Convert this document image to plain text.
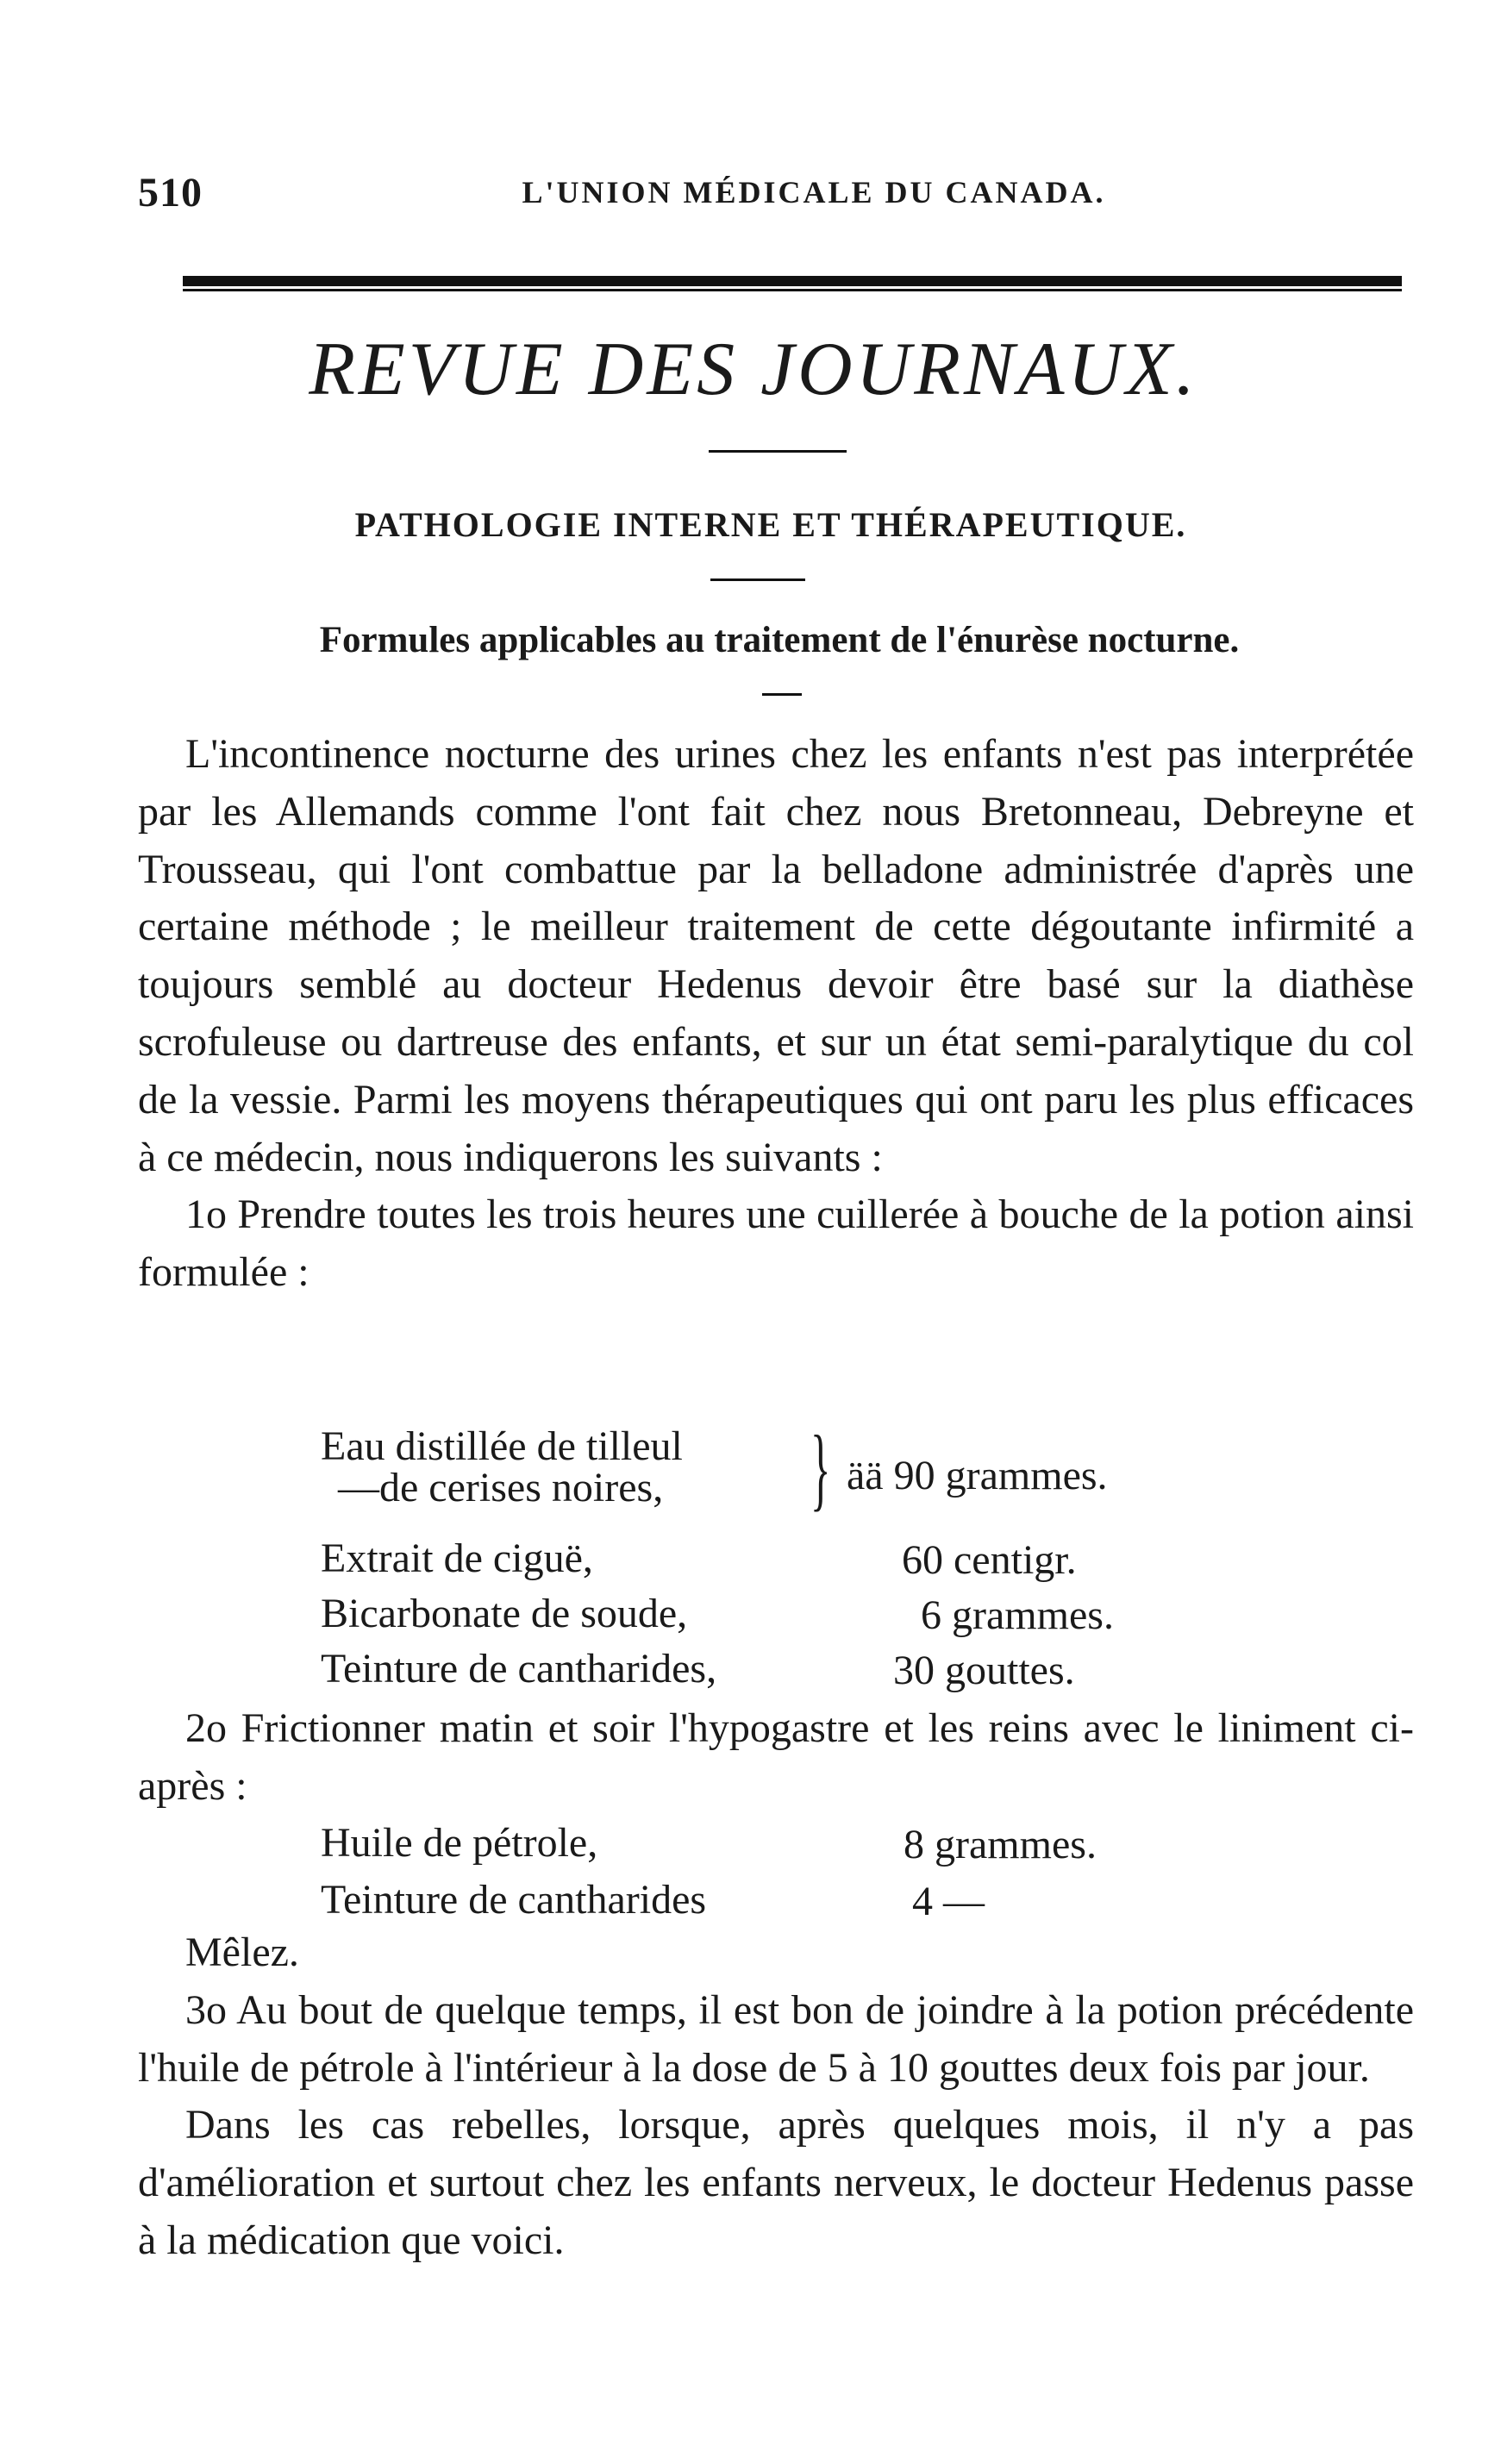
510	L'UNION MÉDICALE DU CANADA.
REVUE DES JOURNAUX.
PATHOLOGIE INTERNE ET THÉRAPEUTIQUE.
Formules applicables au traitement de l'énurèse nocturne.

L'incontinence nocturne des urines chez les enfants n'est pas interprétée par les Allemands comme l'ont fait chez nous Bretonneau, Debreyne et Trousseau, qui l'ont combattue par la belladone administrée d'après une certaine méthode ; le meilleur traitement de cette dégoutante infirmité a toujours semblé au docteur Hedenus devoir être basé sur la diathèse scrofuleuse ou dartreuse des enfants, et sur un état semi-paralytique du col de la vessie. Parmi les moyens thérapeutiques qui ont paru les plus efficaces à ce médecin, nous indiquerons les suivants :

1o Prendre toutes les trois heures une cuillerée à bouche de la potion ainsi formulée :

Eau distillée de tilleul
—de cerises noires, } ää 90 grammes.
Extrait de ciguë,	60 centigr.
Bicarbonate de soude,	6 grammes.
Teinture de cantharides,	30 gouttes.

2o Frictionner matin et soir l'hypogastre et les reins avec le liniment ci-après :

Huile de pétrole,	8 grammes.
Teinture de cantharides	4 —

Mêlez.

3o Au bout de quelque temps, il est bon de joindre à la potion précédente l'huile de pétrole à l'intérieur à la dose de 5 à 10 gouttes deux fois par jour.

Dans les cas rebelles, lorsque, après quelques mois, il n'y a pas d'amélioration et surtout chez les enfants nerveux, le docteur Hedenus passe à la médication que voici.
